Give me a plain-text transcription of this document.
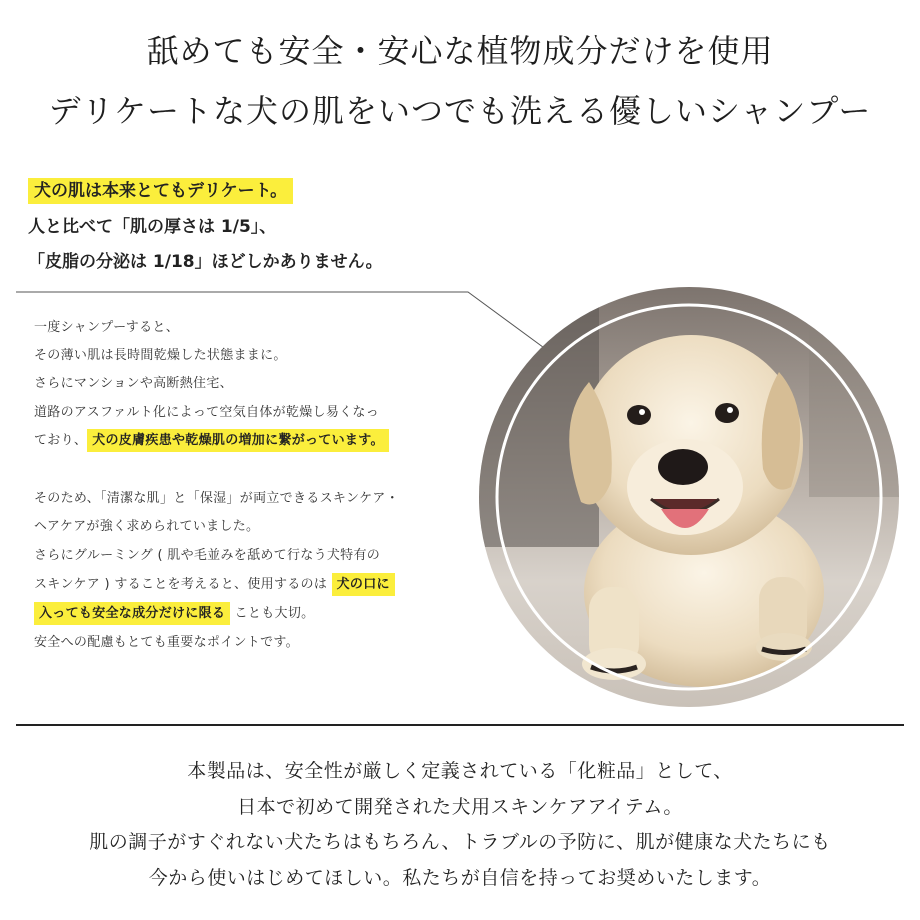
舐めても安全・安心な植物成分だけを使用
デリケートな犬の肌をいつでも洗える優しいシャンプー
犬の肌は本来とてもデリケート。
人と比べて「肌の厚さは 1/5」、
「皮脂の分泌は 1/18」ほどしかありません。
一度シャンプーすると、
その薄い肌は長時間乾燥した状態ままに。
さらにマンションや高断熱住宅、
道路のアスファルト化によって空気自体が乾燥し易くなっ
ており、 犬の皮膚疾患や乾燥肌の増加に繋がっています。
そのため、「清潔な肌」と「保湿」が両立できるスキンケア・
ヘアケアが強く求められていました。
さらにグルーミング ( 肌や毛並みを舐めて行なう犬特有の
スキンケア ) することを考えると、使用するのは 犬の口に
入っても安全な成分だけに限る ことも大切。
安全への配慮もとても重要なポイントです。
本製品は、安全性が厳しく定義されている「化粧品」として、
日本で初めて開発された犬用スキンケアアイテム。
肌の調子がすぐれない犬たちはもちろん、トラブルの予防に、肌が健康な犬たちにも
今から使いはじめてほしい。私たちが自信を持ってお奨めいたします。
